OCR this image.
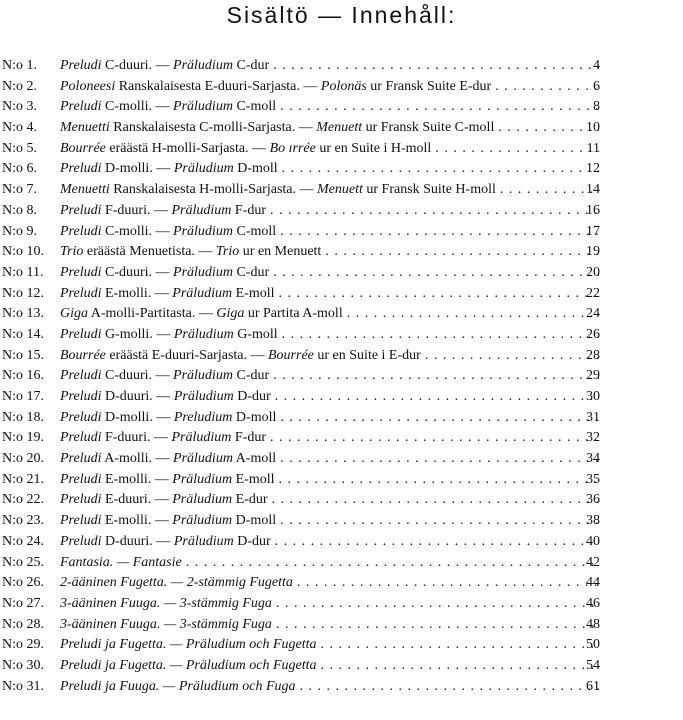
Sisältö — Innehåll:
N:o 1. Preludi C-duuri. — Präludium C-dur . . .	4
N:o 2. Poloneesi Ranskalaisesta E-duuri-Sarjasta. — Polonäs ur Fransk Suite E-dur . . .	6
N:o 3. Preludi C-molli. — Präludium C-moll . . .	8
N:o 4. Menuetti Ranskalaisesta C-molli-Sarjasta. — Menuett ur Fransk Suite C-moll . . .	10
N:o 5. Bourrée eräästä H-molli-Sarjasta. — Bo ırrée ur en Suite i H-moll . . .	11
N:o 6. Preludi D-molli. — Präludium D-moll . . .	12
N:o 7. Menuetti Ranskalaisesta H-molli-Sarjasta. — Menuett ur Fransk Suite H-moll . . .	14
N:o 8. Preludi F-duuri. — Präludium F-dur . . .	16
N:o 9. Preludi C-molli. — Präludium C-moll . . .	17
N:o 10. Trio eräästä Menuetista. — Trio ur en Menuett . . .	19
N:o 11. Preludi C-duuri. — Präludium C-dur . . .	20
N:o 12. Preludi E-molli. — Präludium E-moll . . .	22
N:o 13. Giga A-molli-Partitasta. — Giga ur Partita A-moll . . .	24
N:o 14. Preludi G-molli. — Präludium G-moll . . .	26
N:o 15. Bourrée eräästä E-duuri-Sarjasta. — Bourrée ur en Suite i E-dur . . .	28
N:o 16. Preludi C-duuri. — Präludium C-dur . . .	29
N:o 17. Preludi D-duuri. — Präludium D-dur . . .	30
N:o 18. Preludi D-molli. — Preludium D-moll . . .	31
N:o 19. Preludi F-duuri. — Präludium F-dur . . .	32
N:o 20. Preludi A-molli. — Präludium A-moll . . .	34
N:o 21. Preludi E-molli. — Präludium E-moll . . .	35
N:o 22. Preludi E-duuri. — Präludium E-dur . . .	36
N:o 23. Preludi E-molli. — Präludium D-moll . . .	38
N:o 24. Preludi D-duuri. — Präludium D-dur . . .	40
N:o 25. Fantasia. — Fantasie . . .	42
N:o 26. 2-ääninen Fugetta. — 2-stämmig Fugetta . . .	44
N:o 27. 3-ääninen Fuuga. — 3-stämmig Fuga . . .	46
N:o 28. 3-ääninen Fuuga. — 3-stämmig Fuga . . .	48
N:o 29. Preludi ja Fugetta. — Präludium och Fugetta . . .	50
N:o 30. Preludi ja Fugetta. — Präludium och Fugetta . . .	54
N:o 31. Preludi ja Fuuga. — Präludium och Fuga . . .	61
